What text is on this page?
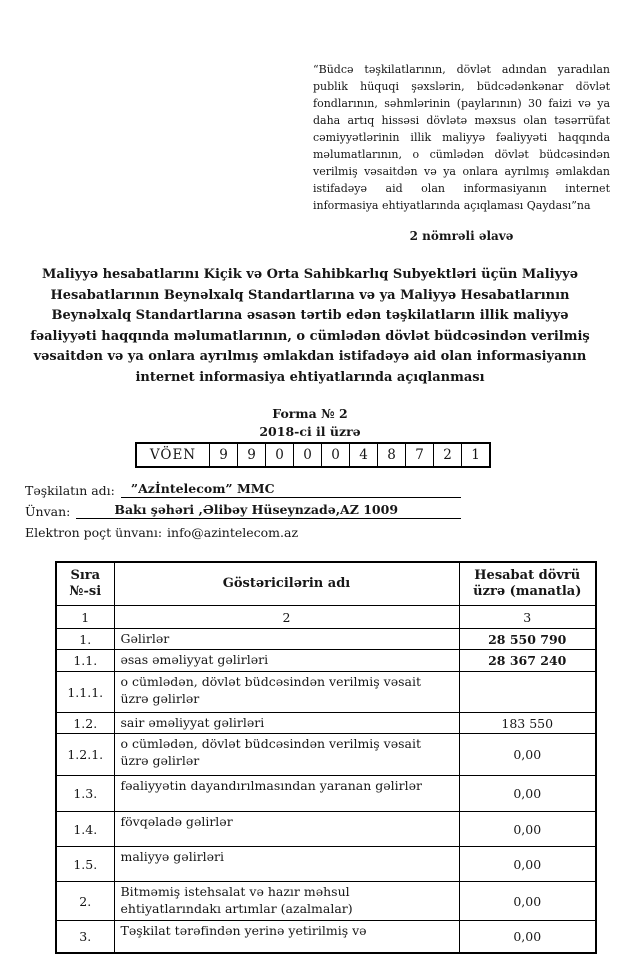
“Büdcə təşkilatlarının, dövlət adından yaradılan publik hüquqi şəxslərin, büdcədənkənar dövlət fondlarının, səhmlərinin (paylarının) 30 faizi və ya daha artıq hissəsi dövlətə məxsus olan təsərrüfat cəmiyyətlərinin illik maliyyə fəaliyyəti haqqında məlumatlarının, o cümlədən dövlət büdcəsindən verilmiş vəsaitdən və ya onlara ayrılmış əmlakdan istifadəyə aid olan informasiyanın internet informasiya ehtiyatlarında açıqlaması Qaydası”na
2 nömrəli əlavə
Maliyyə hesabatlarını Kiçik və Orta Sahibkarlıq Subyektləri üçün Maliyyə Hesabatlarının Beynəlxalq Standartlarına və ya Maliyyə Hesabatlarının Beynəlxalq Standartlarına əsasən tərtib edən təşkilatların illik maliyyə fəaliyyəti haqqında məlumatlarının, o cümlədən dövlət büdcəsindən verilmiş vəsaitdən və ya onlara ayrılmış əmlakdan istifadəyə aid olan informasiyanın internet informasiya ehtiyatlarında açıqlanması
Forma № 2
2018-ci il üzrə
VÖEN	9	9	0	0	0	4	8	7	2	1
Təşkilatın adı:	”Azİntelecom” MMC
Ünvan:	Bakı şəhəri ,Əlibəy Hüseynzadə,AZ 1009
Elektron poçt ünvanı: info@azintelecom.az
Sıra №-si	Göstəricilərin adı	Hesabat dövrü üzrə (manatla)
1	2	3
1.	Gəlirlər	28 550 790
1.1.	əsas əməliyyat gəlirləri	28 367 240
1.1.1.	o cümlədən, dövlət büdcəsindən verilmiş vəsait üzrə gəlirlər	
1.2.	sair əməliyyat gəlirləri	183 550
1.2.1.	o cümlədən, dövlət büdcəsindən verilmiş vəsait üzrə gəlirlər	0,00
1.3.	fəaliyyətin dayandırılmasından yaranan gəlirlər	0,00
1.4.	fövqəladə gəlirlər	0,00
1.5.	maliyyə gəlirləri	0,00
2.	Bitməmiş istehsalat və hazır məhsul ehtiyatlarındakı artımlar (azalmalar)	0,00
3.	Təşkilat tərəfindən yerinə yetirilmiş və	0,00
